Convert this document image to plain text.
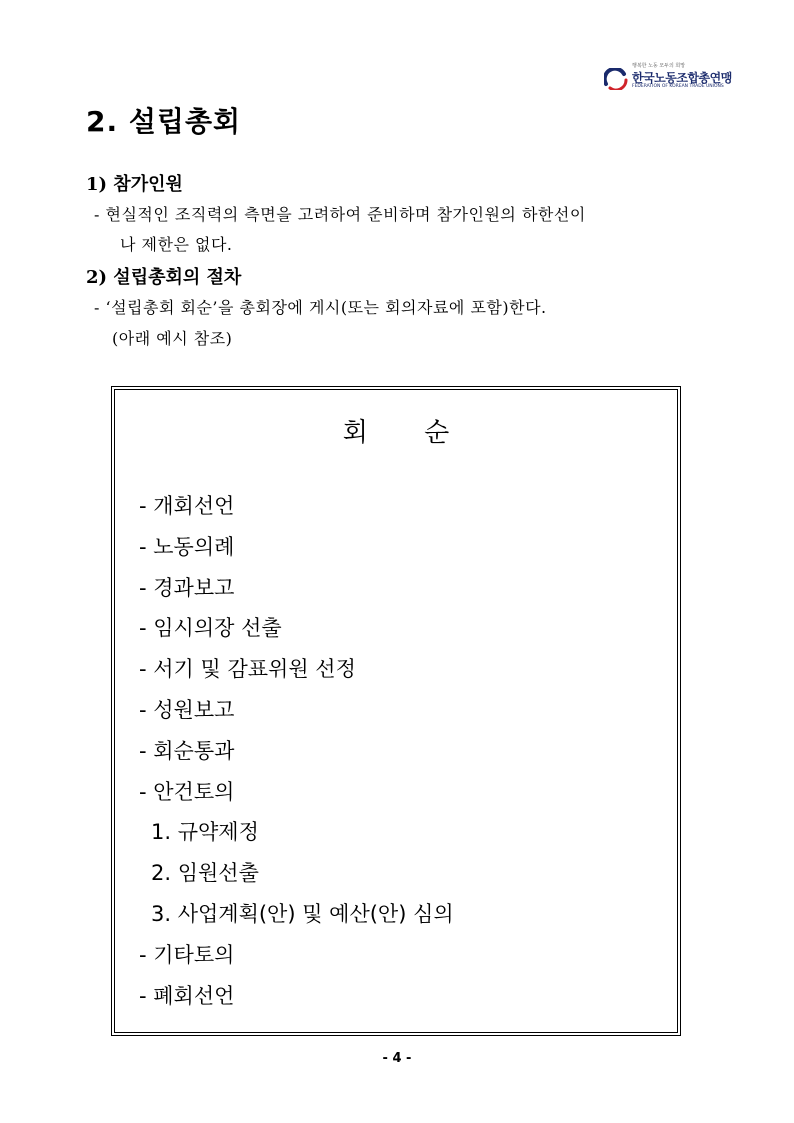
행복한 노동 모두의 희망
한국노동조합총연맹
FEDERATION OF KOREAN TRADE UNIONS
2. 설립총회
1) 참가인원
- 현실적인 조직력의 측면을 고려하여 준비하며 참가인원의 하한선이
나 제한은 없다.
2) 설립총회의 절차
- ‘설립총회 회순’을 총회장에 게시(또는 회의자료에 포함)한다.
(아래 예시 참조)
회 순
- 개회선언
- 노동의례
- 경과보고
- 임시의장 선출
- 서기 및 감표위원 선정
- 성원보고
- 회순통과
- 안건토의
1. 규약제정
2. 임원선출
3. 사업계획(안) 및 예산(안) 심의
- 기타토의
- 폐회선언
- 4 -
